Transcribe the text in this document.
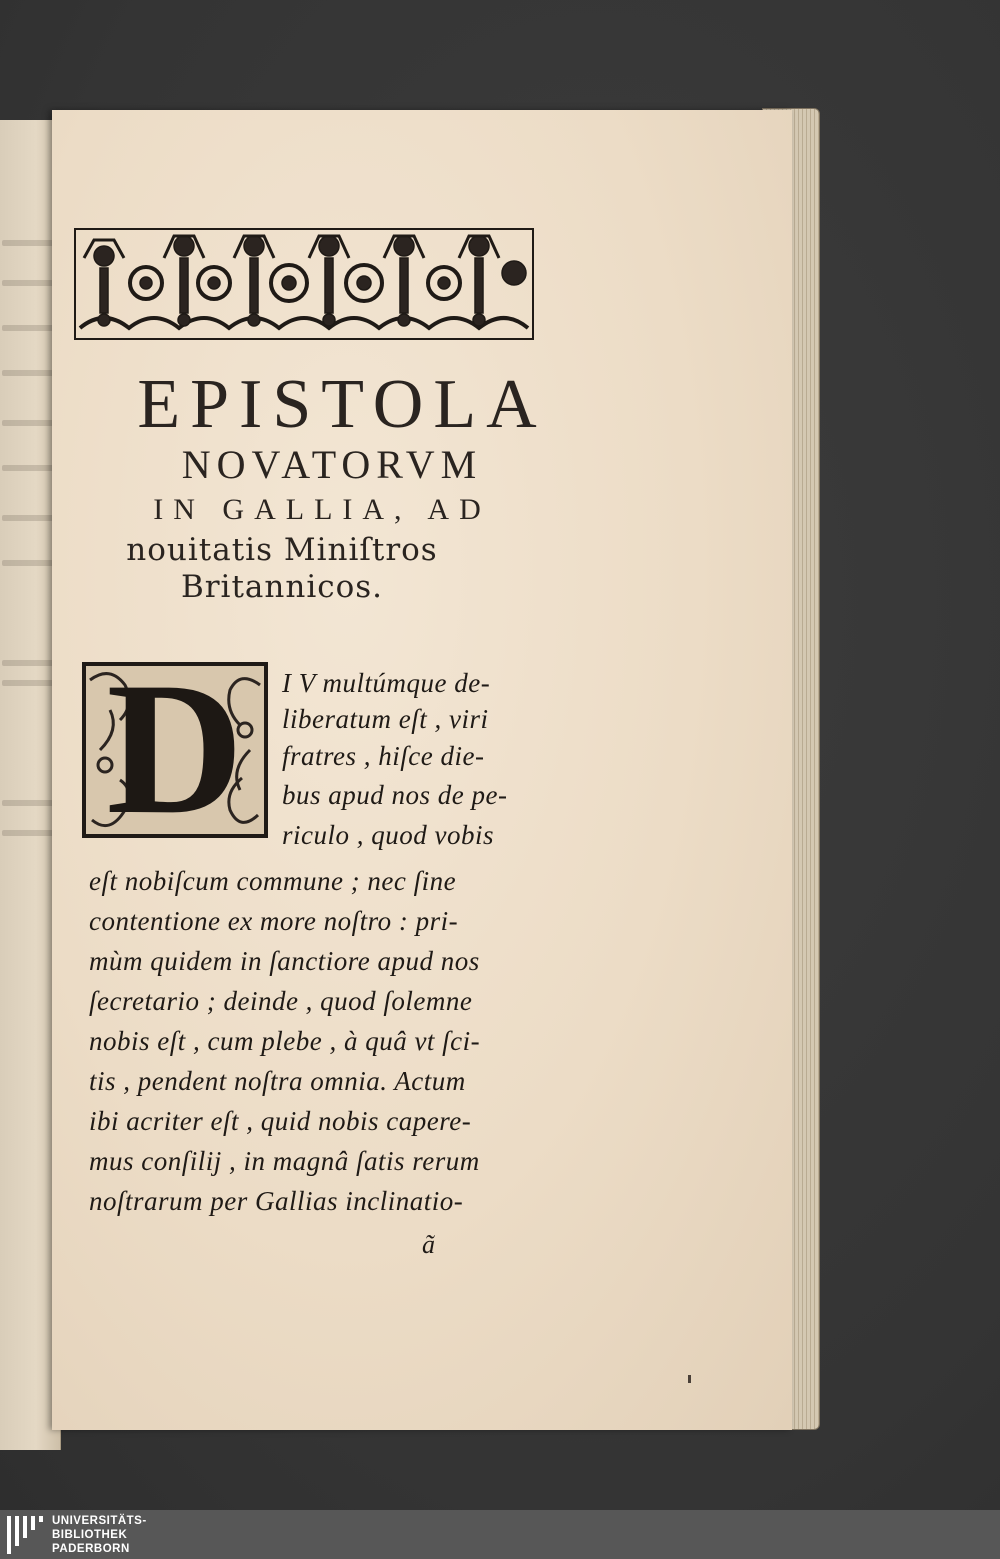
EPISTOLA
NOVATORVM
IN GALLIA, AD
nouitatis Miniſtros
Britannicos.
D	I V multúmque de-
liberatum eſt , viri
fratres , hiſce die-
bus apud nos de pe-
riculo , quod vobis
eſt nobiſcum commune ; nec ſine
contentione ex more noſtro : pri-
mùm quidem in ſanctiore apud nos
ſecretario ; deinde , quod ſolemne
nobis eſt , cum plebe , à quâ vt ſci-
tis , pendent noſtra omnia. Actum
ibi acriter eſt , quid nobis capere-
mus conſilij , in magnâ ſatis rerum
noſtrarum per Gallias inclinatio-
ã
UNIVERSITÄTS-
BIBLIOTHEK
PADERBORN
